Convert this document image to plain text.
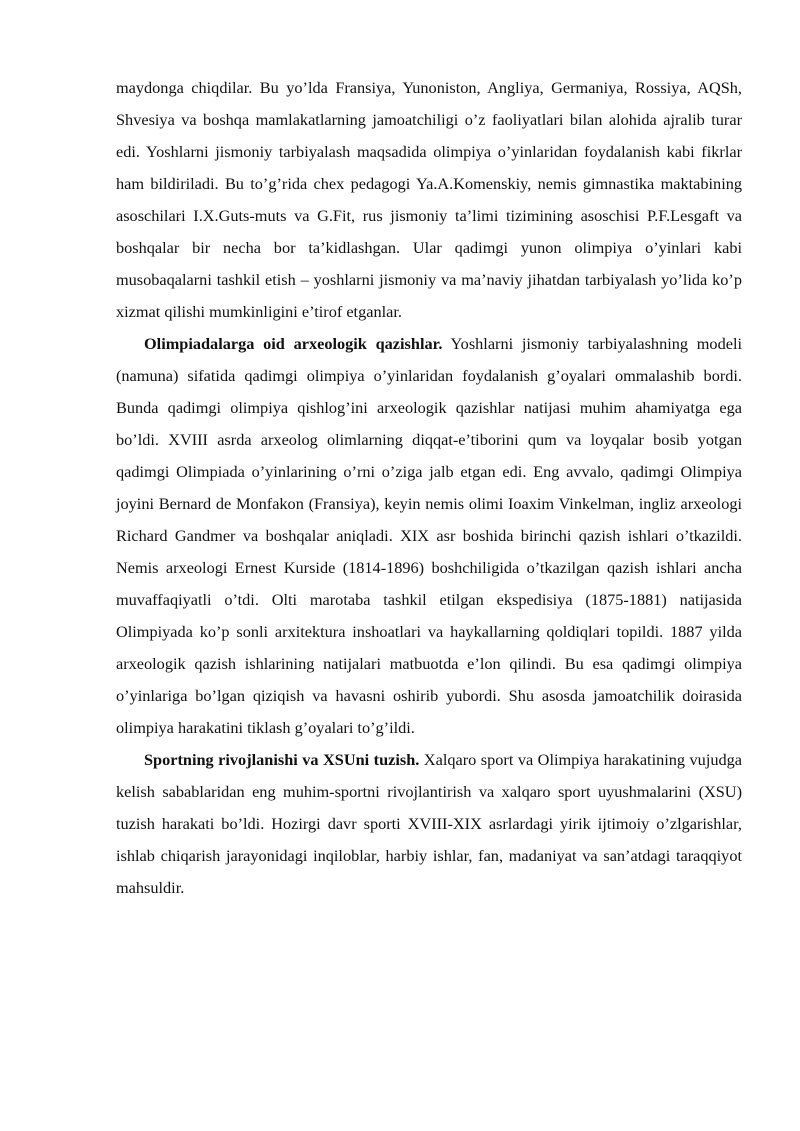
maydonga chiqdilar. Bu yo’lda Fransiya, Yunoniston, Angliya, Germaniya, Rossiya, AQSh, Shvesiya va boshqa mamlakatlarning jamoatchiligi o’z faoliyatlari bilan alohida ajralib turar edi. Yoshlarni jismoniy tarbiyalash maqsadida olimpiya o’yinlaridan foydalanish kabi fikrlar ham bildiriladi. Bu to’g’rida chex pedagogi Ya.A.Komenskiy, nemis gimnastika maktabining asoschilari I.X.Guts-muts va G.Fit, rus jismoniy ta’limi tizimining asoschisi P.F.Lesgaft va boshqalar bir necha bor ta’kidlashgan. Ular qadimgi yunon olimpiya o’yinlari kabi musobaqalarni tashkil etish – yoshlarni jismoniy va ma’naviy jihatdan tarbiyalash yo’lida ko’p xizmat qilishi mumkinligini e’tirof etganlar.

Olimpiadalarga oid arxeologik qazishlar. Yoshlarni jismoniy tarbiyalashning modeli (namuna) sifatida qadimgi olimpiya o’yinlaridan foydalanish g’oyalari ommalashib bordi. Bunda qadimgi olimpiya qishlog’ini arxeologik qazishlar natijasi muhim ahamiyatga ega bo’ldi. XVIII asrda arxeolog olimlarning diqqat-e’tiborini qum va loyqalar bosib yotgan qadimgi Olimpiada o’yinlarining o’rni o’ziga jalb etgan edi. Eng avvalo, qadimgi Olimpiya joyini Bernard de Monfakon (Fransiya), keyin nemis olimi Ioaxim Vinkelman, ingliz arxeologi Richard Gandmer va boshqalar aniqladi. XIX asr boshida birinchi qazish ishlari o’tkazildi. Nemis arxeologi Ernest Kurside (1814-1896) boshchiligida o’tkazilgan qazish ishlari ancha muvaffaqiyatli o’tdi. Olti marotaba tashkil etilgan ekspedisiya (1875-1881) natijasida Olimpiyada ko’p sonli arxitektura inshoatlari va haykallarning qoldiqlari topildi. 1887 yilda arxeologik qazish ishlarining natijalari matbuotda e’lon qilindi. Bu esa qadimgi olimpiya o’yinlariga bo’lgan qiziqish va havasni oshirib yubordi. Shu asosda jamoatchilik doirasida olimpiya harakatini tiklash g’oyalari to’g’ildi.

Sportning rivojlanishi va XSUni tuzish. Xalqaro sport va Olimpiya harakatining vujudga kelish sabablaridan eng muhim-sportni rivojlantirish va xalqaro sport uyushmalarini (XSU) tuzish harakati bo’ldi. Hozirgi davr sporti XVIII-XIX asrlardagi yirik ijtimoiy o’zlgarishlar, ishlab chiqarish jarayonidagi inqiloblar, harbiy ishlar, fan, madaniyat va san’atdagi taraqqiyot mahsuldir.
